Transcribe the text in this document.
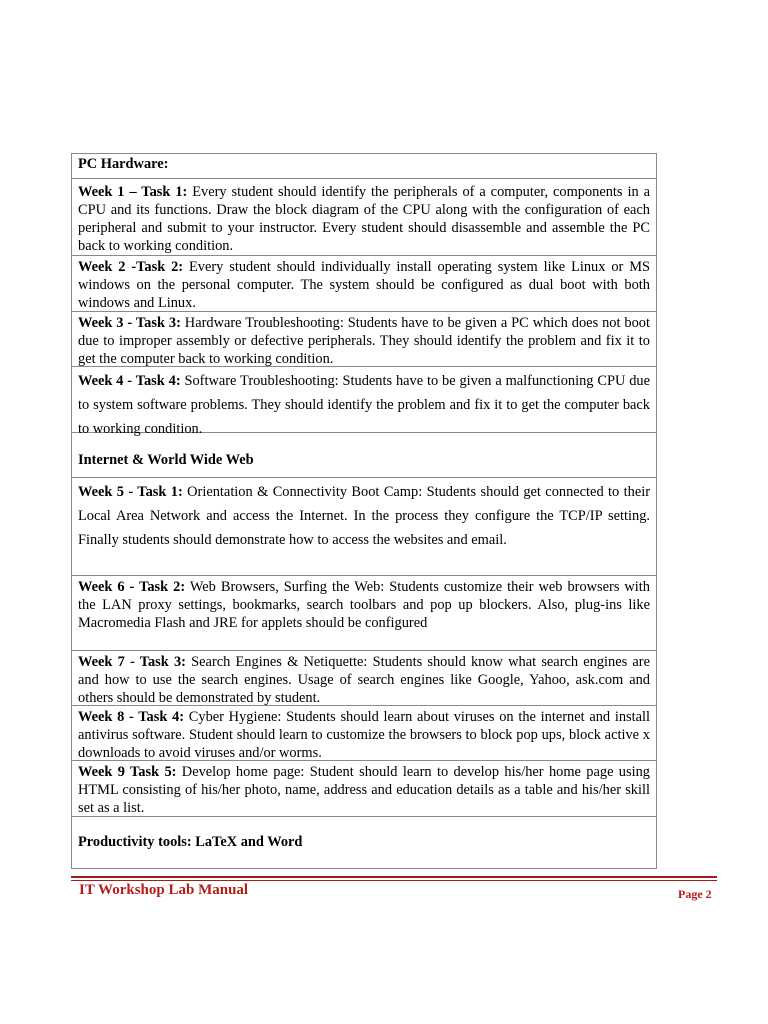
PC Hardware:
Week 1 – Task 1: Every student should identify the peripherals of a computer, components in a CPU and its functions. Draw the block diagram of the CPU along with the configuration of each peripheral and submit to your instructor. Every student should disassemble and assemble the PC back to working condition.
Week 2 -Task 2: Every student should individually install operating system like Linux or MS windows on the personal computer. The system should be configured as dual boot with both windows and Linux.
Week 3 - Task 3: Hardware Troubleshooting: Students have to be given a PC which does not boot due to improper assembly or defective peripherals. They should identify the problem and fix it to get the computer back to working condition.
Week 4 - Task 4: Software Troubleshooting: Students have to be given a malfunctioning CPU due to system software problems. They should identify the problem and fix it to get the computer back to working condition.
Internet & World Wide Web
Week 5 - Task 1: Orientation & Connectivity Boot Camp: Students should get connected to their Local Area Network and access the Internet. In the process they configure the TCP/IP setting. Finally students should demonstrate how to access the websites and email.
Week 6 - Task 2: Web Browsers, Surfing the Web: Students customize their web browsers with the LAN proxy settings, bookmarks, search toolbars and pop up blockers. Also, plug-ins like Macromedia Flash and JRE for applets should be configured
Week 7 - Task 3: Search Engines & Netiquette: Students should know what search engines are and how to use the search engines. Usage of search engines like Google, Yahoo, ask.com and others should be demonstrated by student.
Week 8 - Task 4: Cyber Hygiene: Students should learn about viruses on the internet and install antivirus software. Student should learn to customize the browsers to block pop ups, block active x downloads to avoid viruses and/or worms.
Week 9 Task 5: Develop home page: Student should learn to develop his/her home page using HTML consisting of his/her photo, name, address and education details as a table and his/her skill set as a list.
Productivity tools: LaTeX and Word
IT Workshop Lab Manual	Page 2
